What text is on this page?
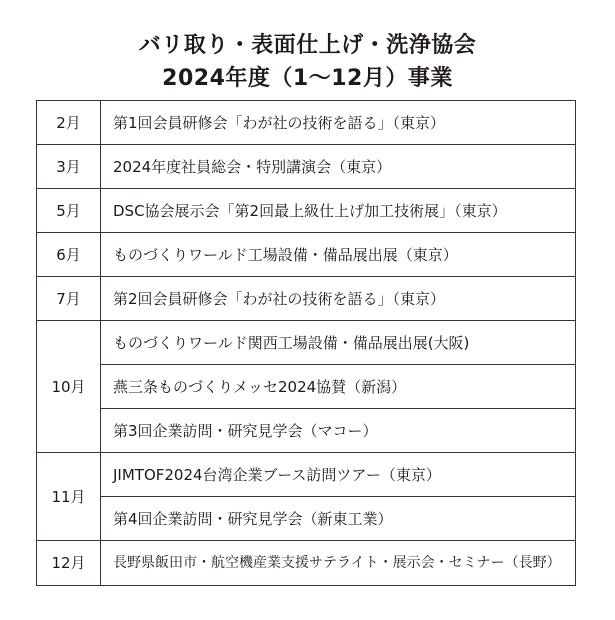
バリ取り・表面仕上げ・洗浄協会
2024年度（1〜12月）事業
2月	第1回会員研修会「わが社の技術を語る」（東京）
3月	2024年度社員総会・特別講演会（東京）
5月	DSC協会展示会「第2回最上級仕上げ加工技術展」（東京）
6月	ものづくりワールド工場設備・備品展出展（東京）
7月	第2回会員研修会「わが社の技術を語る」（東京）
10月	ものづくりワールド関西工場設備・備品展出展(大阪)
	燕三条ものづくりメッセ2024協賛（新潟）
	第3回企業訪問・研究見学会（マコー）
11月	JIMTOF2024台湾企業ブース訪問ツアー（東京）
	第4回企業訪問・研究見学会（新東工業）
12月	長野県飯田市・航空機産業支援サテライト・展示会・セミナー（長野）
